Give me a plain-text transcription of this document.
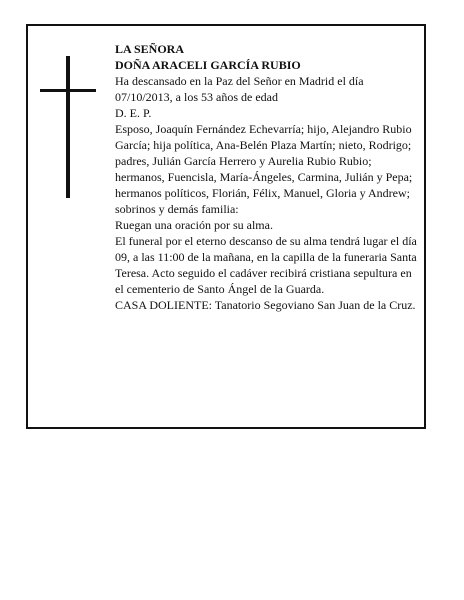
LA SEÑORA

DOÑA ARACELI GARCÍA RUBIO

Ha descansado en la Paz del Señor en Madrid el día 07/10/2013, a los 53 años de edad

D. E. P.

Esposo, Joaquín Fernández Echevarría; hijo, Alejandro Rubio García; hija política, Ana-Belén Plaza Martín; nieto, Rodrigo; padres, Julián García Herrero y Aurelia Rubio Rubio; hermanos, Fuencisla, María-Ángeles, Carmina, Julián y Pepa; hermanos políticos, Florián, Félix, Manuel, Gloria y Andrew; sobrinos y demás familia:

Ruegan una oración por su alma.

El funeral por el eterno descanso de su alma tendrá lugar el día 09, a las 11:00 de la mañana, en la capilla de la funeraria Santa Teresa. Acto seguido el cadáver recibirá cristiana sepultura en el cementerio de Santo Ángel de la Guarda.

CASA DOLIENTE: Tanatorio Segoviano San Juan de la Cruz.
